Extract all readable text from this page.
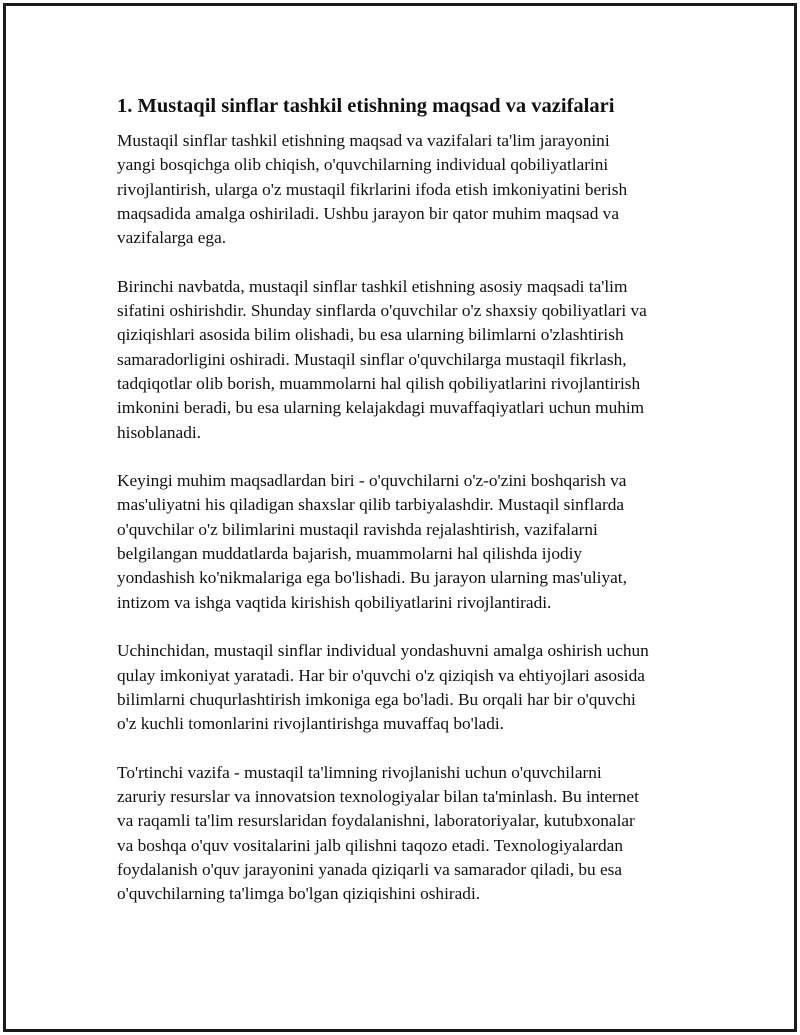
1. Mustaqil sinflar tashkil etishning maqsad va vazifalari

Mustaqil sinflar tashkil etishning maqsad va vazifalari ta'lim jarayonini
yangi bosqichga olib chiqish, o'quvchilarning individual qobiliyatlarini
rivojlantirish, ularga o'z mustaqil fikrlarini ifoda etish imkoniyatini berish
maqsadida amalga oshiriladi. Ushbu jarayon bir qator muhim maqsad va
vazifalarga ega.

Birinchi navbatda, mustaqil sinflar tashkil etishning asosiy maqsadi ta'lim
sifatini oshirishdir. Shunday sinflarda o'quvchilar o'z shaxsiy qobiliyatlari va
qiziqishlari asosida bilim olishadi, bu esa ularning bilimlarni o'zlashtirish
samaradorligini oshiradi. Mustaqil sinflar o'quvchilarga mustaqil fikrlash,
tadqiqotlar olib borish, muammolarni hal qilish qobiliyatlarini rivojlantirish
imkonini beradi, bu esa ularning kelajakdagi muvaffaqiyatlari uchun muhim
hisoblanadi.

Keyingi muhim maqsadlardan biri - o'quvchilarni o'z-o'zini boshqarish va
mas'uliyatni his qiladigan shaxslar qilib tarbiyalashdir. Mustaqil sinflarda
o'quvchilar o'z bilimlarini mustaqil ravishda rejalashtirish, vazifalarni
belgilangan muddatlarda bajarish, muammolarni hal qilishda ijodiy
yondashish ko'nikmalariga ega bo'lishadi. Bu jarayon ularning mas'uliyat,
intizom va ishga vaqtida kirishish qobiliyatlarini rivojlantiradi.

Uchinchidan, mustaqil sinflar individual yondashuvni amalga oshirish uchun
qulay imkoniyat yaratadi. Har bir o'quvchi o'z qiziqish va ehtiyojlari asosida
bilimlarni chuqurlashtirish imkoniga ega bo'ladi. Bu orqali har bir o'quvchi
o'z kuchli tomonlarini rivojlantirishga muvaffaq bo'ladi.

To'rtinchi vazifa - mustaqil ta'limning rivojlanishi uchun o'quvchilarni
zaruriy resurslar va innovatsion texnologiyalar bilan ta'minlash. Bu internet
va raqamli ta'lim resurslaridan foydalanishni, laboratoriyalar, kutubxonalar
va boshqa o'quv vositalarini jalb qilishni taqozo etadi. Texnologiyalardan
foydalanish o'quv jarayonini yanada qiziqarli va samarador qiladi, bu esa
o'quvchilarning ta'limga bo'lgan qiziqishini oshiradi.
